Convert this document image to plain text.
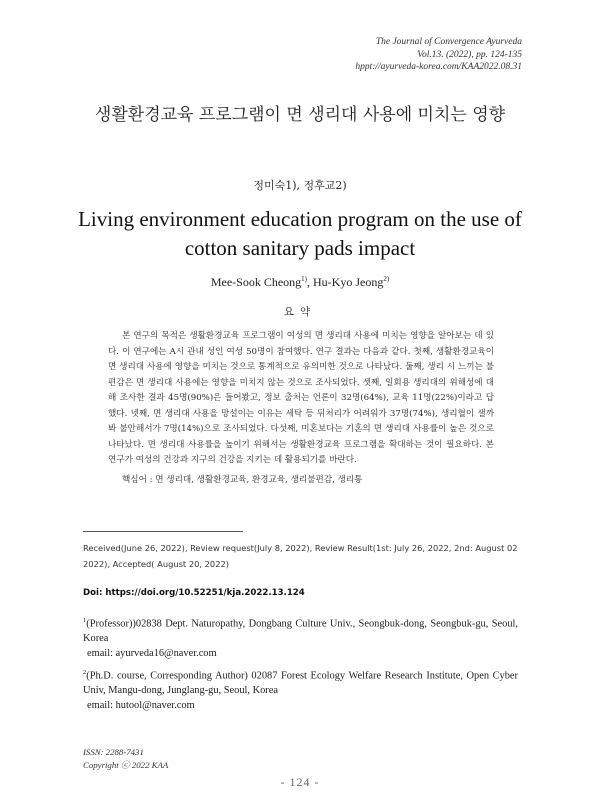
The Journal of Convergence Ayurveda
Vol.13. (2022), pp. 124-135
hppt://ayurveda-korea.com/KAA2022.08.31
생활환경교육 프로그램이 면 생리대 사용에 미치는 영향
정미숙1), 정후교2)
Living environment education program on the use of cotton sanitary pads impact
Mee-Sook Cheong$^{1)}$, Hu-Kyo Jeong$^{2)}$
요약

본 연구의 목적은 생활환경교육 프로그램이 여성의 면 생리대 사용에 미치는 영향을 알아보는 데 있다. 이 연구에는 A시 관내 성인 여성 50명이 참여했다. 연구 결과는 다음과 같다. 첫째, 생활환경교육이 면 생리대 사용에 영향을 미치는 것으로 통계적으로 유의미한 것으로 나타났다. 둘째, 생리 시 느끼는 불편감은 면 생리대 사용에는 영향을 미치지 않는 것으로 조사되었다. 셋째, 일회용 생리대의 위해성에 대해 조사한 결과 45명(90%)은 들어봤고, 정보 출처는 언론이 32명(64%), 교육 11명(22%)이라고 답했다. 넷째, 면 생리대 사용을 망설이는 이유는 세탁 등 뒤처리가 어려워가 37명(74%), 생리혈이 샐까 봐 불안해서가 7명(14%)으로 조사되었다. 다섯째, 미혼보다는 기혼의 면 생리대 사용률이 높은 것으로 나타났다. 면 생리대 사용률을 높이기 위해서는 생활환경교육 프로그램을 확대하는 것이 필요하다. 본 연구가 여성의 건강과 지구의 건강을 지키는 데 활용되기를 바란다.

핵심어 : 면 생리대, 생활환경교육, 환경교육, 생리불편감, 생리통

Received(June 26, 2022), Review request(July 8, 2022), Review Result(1st: July 26, 2022, 2nd: August 02 2022), Accepted( August 20, 2022)

Doi: https://doi.org/10.52251/kja.2022.13.124

$^1$(Professor))02838 Dept. Naturopathy, Dongbang Culture Univ., Seongbuk-dong, Seongbuk-gu, Seoul, Korea
email: ayurveda16@naver.com

$^2$(Ph.D. course, Corresponding Author) 02087 Forest Ecology Welfare Research Institute, Open Cyber Univ, Mangu-dong, Junglang-gu, Seoul, Korea
email: hutool@naver.com

ISSN: 2288-7431
Copyright ⓒ 2022 KAA
- 124 -
